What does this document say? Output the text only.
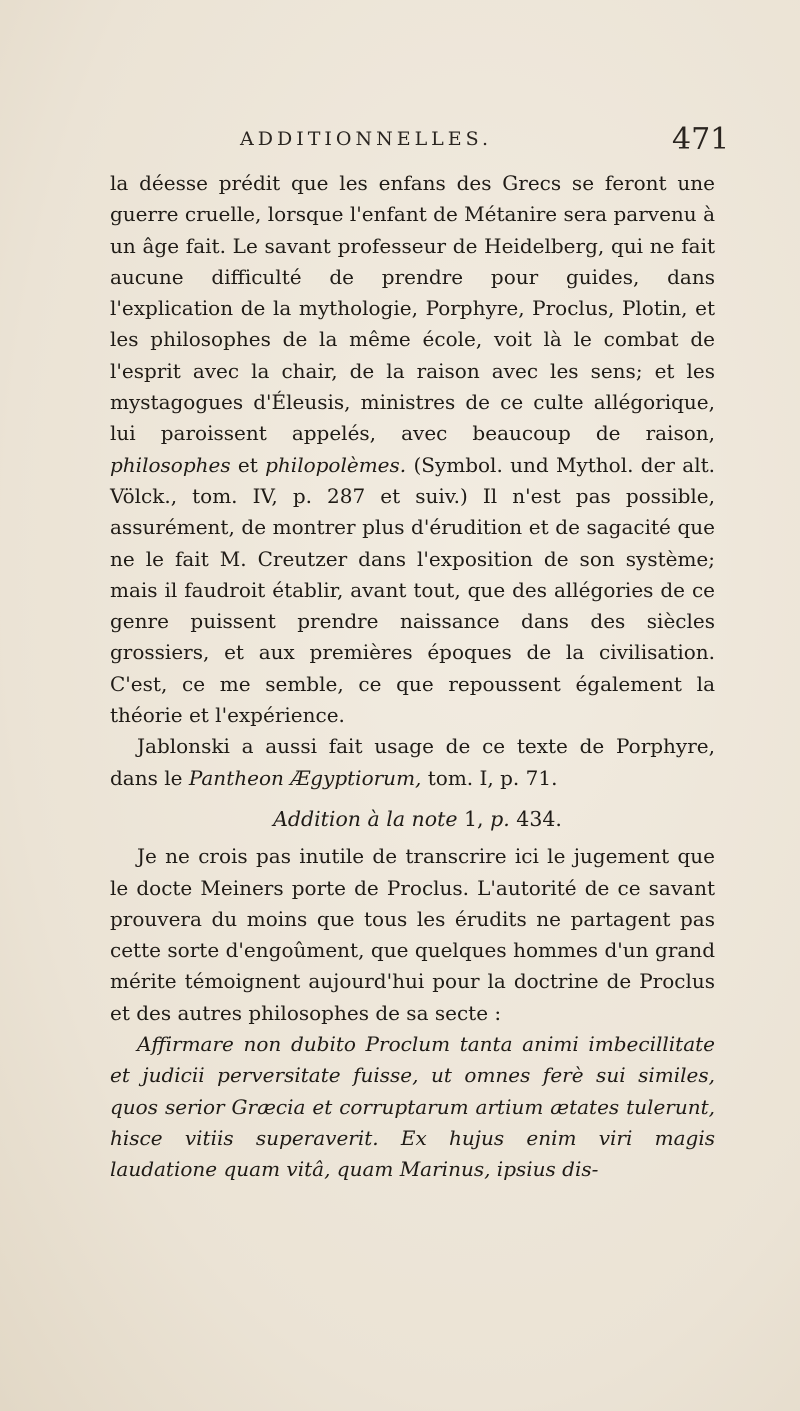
ADDITIONNELLES.	471

la déesse prédit que les enfans des Grecs se feront une guerre cruelle, lorsque l'enfant de Métanire sera parvenu à un âge fait. Le savant professeur de Heidelberg, qui ne fait aucune difficulté de prendre pour guides, dans l'explication de la mythologie, Porphyre, Proclus, Plotin, et les philosophes de la même école, voit là le combat de l'esprit avec la chair, de la raison avec les sens; et les mystagogues d'Éleusis, ministres de ce culte allégorique, lui paroissent appelés, avec beaucoup de raison, philosophes et philopolèmes. (Symbol. und Mythol. der alt. Völck., tom. IV, p. 287 et suiv.) Il n'est pas possible, assurément, de montrer plus d'érudition et de sagacité que ne le fait M. Creutzer dans l'exposition de son système; mais il faudroit établir, avant tout, que des allégories de ce genre puissent prendre naissance dans des siècles grossiers, et aux premières époques de la civilisation. C'est, ce me semble, ce que repoussent également la théorie et l'expérience.

Jablonski a aussi fait usage de ce texte de Porphyre, dans le Pantheon Ægyptiorum, tom. I, p. 71.

Addition à la note 1, p. 434.

Je ne crois pas inutile de transcrire ici le jugement que le docte Meiners porte de Proclus. L'autorité de ce savant prouvera du moins que tous les érudits ne partagent pas cette sorte d'engoûment, que quelques hommes d'un grand mérite témoignent aujourd'hui pour la doctrine de Proclus et des autres philosophes de sa secte :

Affirmare non dubito Proclum tanta animi imbecillitate et judicii perversitate fuisse, ut omnes ferè sui similes, quos serior Græcia et corruptarum artium ætates tulerunt, hisce vitiis superaverit. Ex hujus enim viri magis laudatione quam vitâ, quam Marinus, ipsius dis-
